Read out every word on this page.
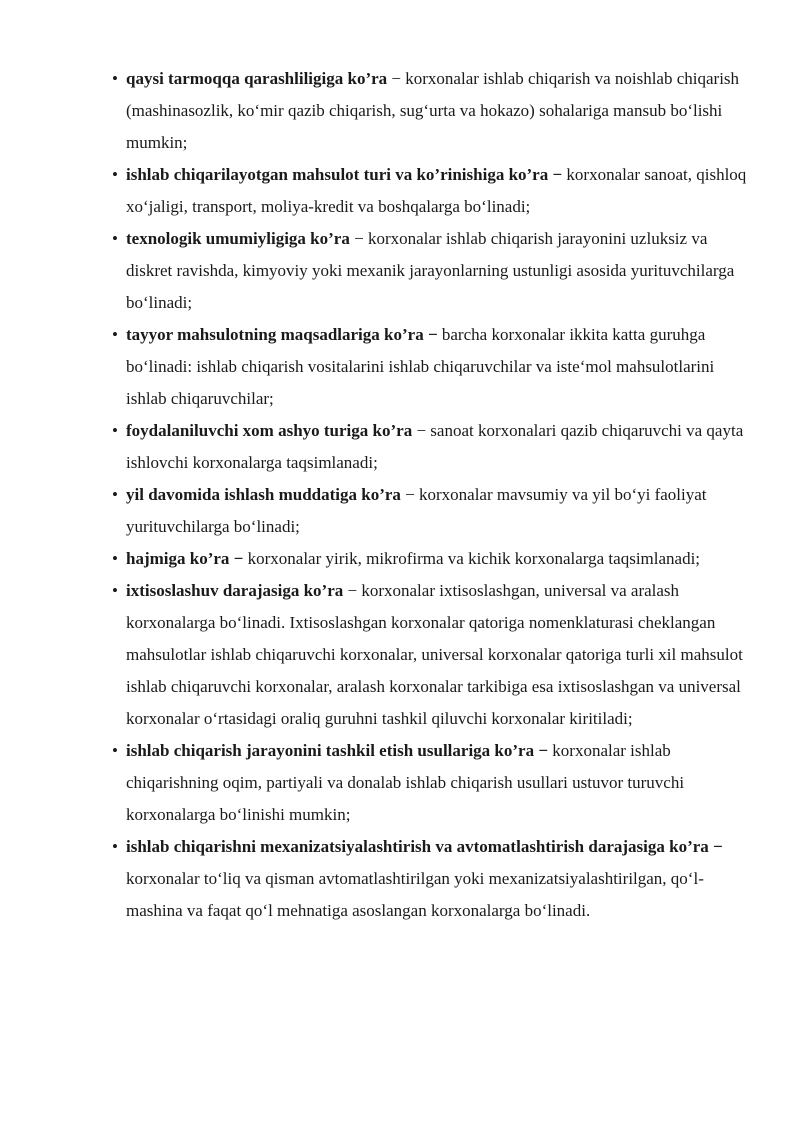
• qaysi tarmoqqa qarashliligiga ko’ra − korxonalar ishlab chiqarish va noishlab chiqarish (mashinasozlik, koʻmir qazib chiqarish, sugʻurta va hokazo) sohalariga mansub boʻlishi mumkin;
• ishlab chiqarilayotgan mahsulot turi va ko’rinishiga ko’ra − korxonalar sanoat, qishloq xoʻjaligi, transport, moliya-kredit va boshqalarga boʻlinadi;
• texnologik umumiyligiga ko’ra − korxonalar ishlab chiqarish jarayonini uzluksiz va diskret ravishda, kimyoviy yoki mexanik jarayonlarning ustunligi asosida yurituvchilarga boʻlinadi;
• tayyor mahsulotning maqsadlariga ko’ra − barcha korxonalar ikkita katta guruhga boʻlinadi: ishlab chiqarish vositalarini ishlab chiqaruvchilar va isteʻmol mahsulotlarini ishlab chiqaruvchilar;
• foydalaniluvchi xom ashyo turiga ko’ra − sanoat korxonalari qazib chiqaruvchi va qayta ishlovchi korxonalarga taqsimlanadi;
• yil davomida ishlash muddatiga ko’ra − korxonalar mavsumiy va yil boʻyi faoliyat yurituvchilarga boʻlinadi;
• hajmiga ko’ra − korxonalar yirik, mikrofirma va kichik korxonalarga taqsimlanadi;
• ixtisoslashuv darajasiga ko’ra − korxonalar ixtisoslashgan, universal va aralash korxonalarga boʻlinadi. Ixtisoslashgan korxonalar qatoriga nomenklaturasi cheklangan mahsulotlar ishlab chiqaruvchi korxonalar, universal korxonalar qatoriga turli xil mahsulot ishlab chiqaruvchi korxonalar, aralash korxonalar tarkibiga esa ixtisoslashgan va universal korxonalar oʻrtasidagi oraliq guruhni tashkil qiluvchi korxonalar kiritiladi;
• ishlab chiqarish jarayonini tashkil etish usullariga ko’ra − korxonalar ishlab chiqarishning oqim, partiyali va donalab ishlab chiqarish usullari ustuvor turuvchi korxonalarga boʻlinishi mumkin;
• ishlab chiqarishni mexanizatsiyalashtirish va avtomatlashtirish darajasiga ko’ra − korxonalar toʻliq va qisman avtomatlashtirilgan yoki mexanizatsiyalashtirilgan, qoʻl-mashina va faqat qoʻl mehnatiga asoslangan korxonalarga boʻlinadi.
